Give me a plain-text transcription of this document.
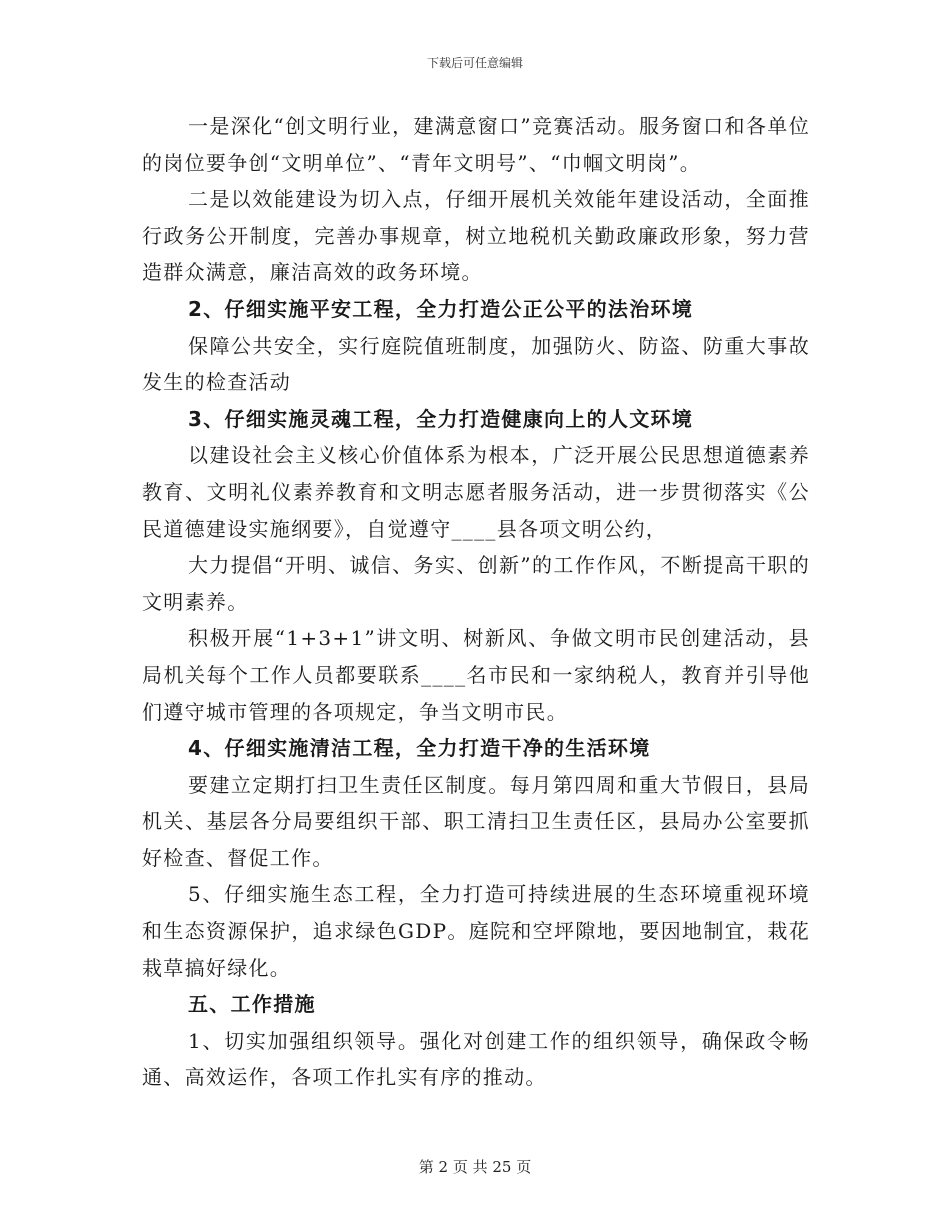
下载后可任意编辑

一是深化“创文明行业，建满意窗口”竞赛活动。服务窗口和各单位的岗位要争创“文明单位”、“青年文明号”、“巾帼文明岗”。

二是以效能建设为切入点，仔细开展机关效能年建设活动，全面推行政务公开制度，完善办事规章，树立地税机关勤政廉政形象，努力营造群众满意，廉洁高效的政务环境。

2、仔细实施平安工程，全力打造公正公平的法治环境

保障公共安全，实行庭院值班制度，加强防火、防盗、防重大事故发生的检查活动

3、仔细实施灵魂工程，全力打造健康向上的人文环境

以建设社会主义核心价值体系为根本，广泛开展公民思想道德素养教育、文明礼仪素养教育和文明志愿者服务活动，进一步贯彻落实《公民道德建设实施纲要》，自觉遵守____县各项文明公约，

大力提倡“开明、诚信、务实、创新”的工作作风，不断提高干职的文明素养。

积极开展“1+3+1”讲文明、树新风、争做文明市民创建活动，县局机关每个工作人员都要联系____名市民和一家纳税人，教育并引导他们遵守城市管理的各项规定，争当文明市民。

4、仔细实施清洁工程，全力打造干净的生活环境

要建立定期打扫卫生责任区制度。每月第四周和重大节假日，县局机关、基层各分局要组织干部、职工清扫卫生责任区，县局办公室要抓好检查、督促工作。

5、仔细实施生态工程，全力打造可持续进展的生态环境重视环境和生态资源保护，追求绿色GDP。庭院和空坪隙地，要因地制宜，栽花栽草搞好绿化。

五、工作措施

1、切实加强组织领导。强化对创建工作的组织领导，确保政令畅通、高效运作，各项工作扎实有序的推动。

第 2 页 共 25 页
